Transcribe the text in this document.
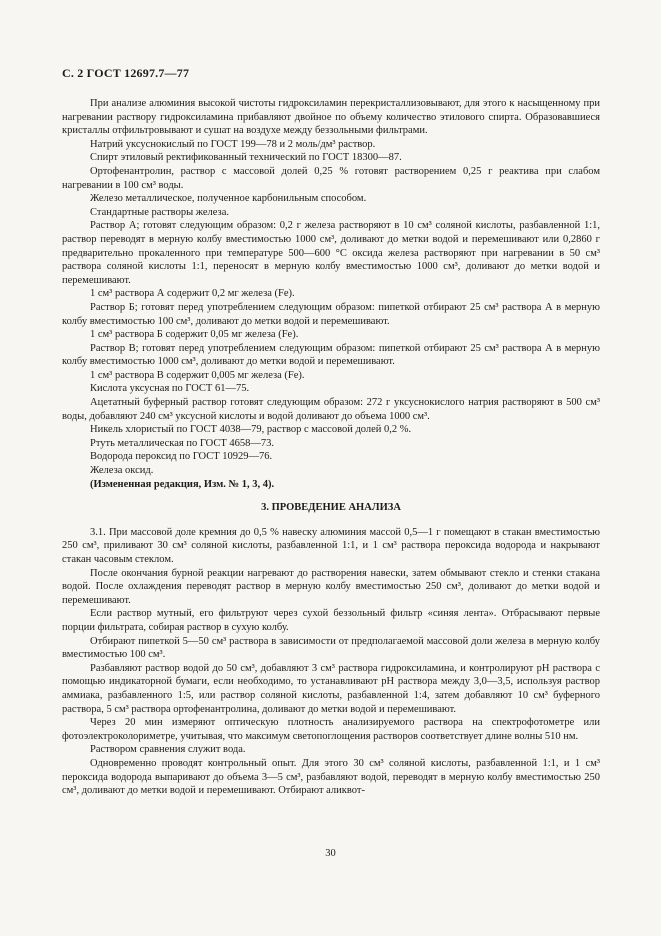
С. 2 ГОСТ 12697.7—77

При анализе алюминия высокой чистоты гидроксиламин перекристаллизовывают, для этого к насыщенному при нагревании раствору гидроксиламина прибавляют двойное по объему количество этилового спирта. Образовавшиеся кристаллы отфильтровывают и сушат на воздухе между беззольными фильтрами.

Натрий уксуснокислый по ГОСТ 199—78 и 2 моль/дм³ раствор.

Спирт этиловый ректификованный технический по ГОСТ 18300—87.

Ортофенантролин, раствор с массовой долей 0,25 % готовят растворением 0,25 г реактива при слабом нагревании в 100 см³ воды.

Железо металлическое, полученное карбонильным способом.

Стандартные растворы железа.

Раствор А; готовят следующим образом: 0,2 г железа растворяют в 10 см³ соляной кислоты, разбавленной 1:1, раствор переводят в мерную колбу вместимостью 1000 см³, доливают до метки водой и перемешивают или 0,2860 г предварительно прокаленного при температуре 500—600 °С оксида железа растворяют при нагревании в 50 см³ раствора соляной кислоты 1:1, переносят в мерную колбу вместимостью 1000 см³, доливают до метки водой и перемешивают.

1 см³ раствора А содержит 0,2 мг железа (Fe).

Раствор Б; готовят перед употреблением следующим образом: пипеткой отбирают 25 см³ раствора А в мерную колбу вместимостью 100 см³, доливают до метки водой и перемешивают.

1 см³ раствора Б содержит 0,05 мг железа (Fe).

Раствор В; готовят перед употреблением следующим образом: пипеткой отбирают 25 см³ раствора А в мерную колбу вместимостью 1000 см³, доливают до метки водой и перемешивают.

1 см³ раствора В содержит 0,005 мг железа (Fe).

Кислота уксусная по ГОСТ 61—75.

Ацетатный буферный раствор готовят следующим образом: 272 г уксуснокислого натрия растворяют в 500 см³ воды, добавляют 240 см³ уксусной кислоты и водой доливают до объема 1000 см³.

Никель хлористый по ГОСТ 4038—79, раствор с массовой долей 0,2 %.

Ртуть металлическая по ГОСТ 4658—73.

Водорода пероксид по ГОСТ 10929—76.

Железа оксид.

(Измененная редакция, Изм. № 1, 3, 4).

3. ПРОВЕДЕНИЕ АНАЛИЗА

3.1. При массовой доле кремния до 0,5 % навеску алюминия массой 0,5—1 г помещают в стакан вместимостью 250 см³, приливают 30 см³ соляной кислоты, разбавленной 1:1, и 1 см³ раствора пероксида водорода и накрывают стакан часовым стеклом.

После окончания бурной реакции нагревают до растворения навески, затем обмывают стекло и стенки стакана водой. После охлаждения переводят раствор в мерную колбу вместимостью 250 см³, доливают до метки водой и перемешивают.

Если раствор мутный, его фильтруют через сухой беззольный фильтр «синяя лента». Отбрасывают первые порции фильтрата, собирая раствор в сухую колбу.

Отбирают пипеткой 5—50 см³ раствора в зависимости от предполагаемой массовой доли железа в мерную колбу вместимостью 100 см³.

Разбавляют раствор водой до 50 см³, добавляют 3 см³ раствора гидроксиламина, и контролируют pH раствора с помощью индикаторной бумаги, если необходимо, то устанавливают pH раствора между 3,0—3,5, используя раствор аммиака, разбавленного 1:5, или раствор соляной кислоты, разбавленной 1:4, затем добавляют 10 см³ буферного раствора, 5 см³ раствора ортофенантролина, доливают до метки водой и перемешивают.

Через 20 мин измеряют оптическую плотность анализируемого раствора на спектрофотометре или фотоэлектроколориметре, учитывая, что максимум светопоглощения растворов соответствует длине волны 510 нм.

Раствором сравнения служит вода.

Одновременно проводят контрольный опыт. Для этого 30 см³ соляной кислоты, разбавленной 1:1, и 1 см³ пероксида водорода выпаривают до объема 3—5 см³, разбавляют водой, переводят в мерную колбу вместимостью 250 см³, доливают до метки водой и перемешивают. Отбирают аликвот-

30
